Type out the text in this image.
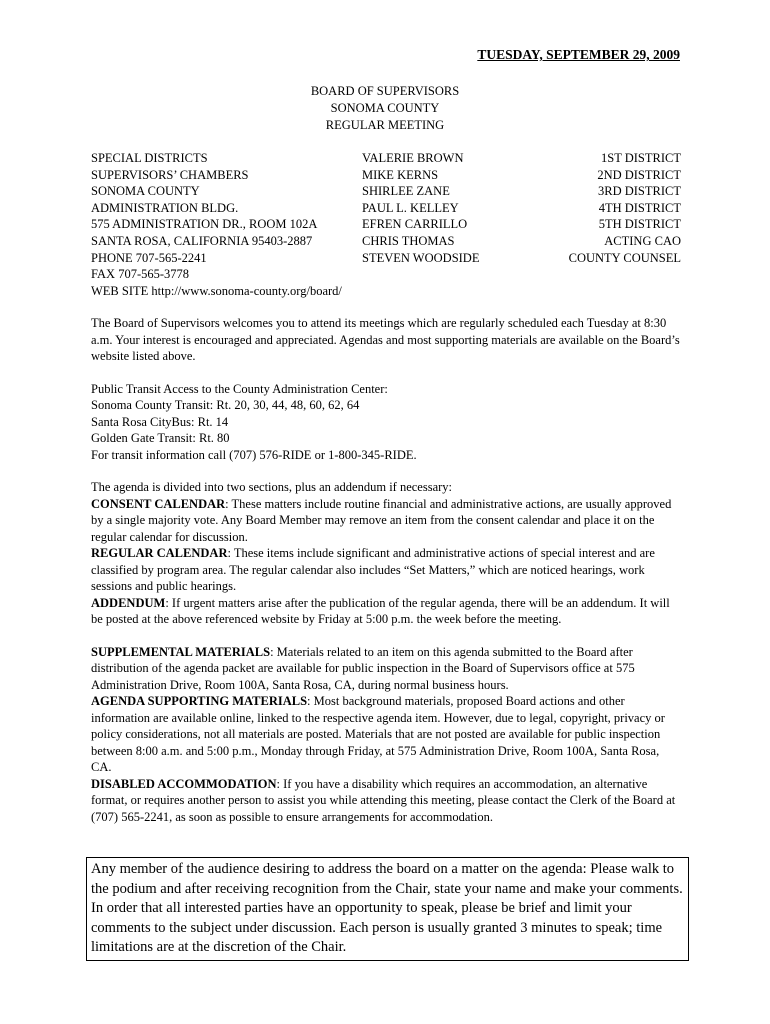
TUESDAY, SEPTEMBER 29, 2009
BOARD OF SUPERVISORS
SONOMA COUNTY
REGULAR MEETING
SPECIAL DISTRICTS	VALERIE BROWN	1ST DISTRICT
SUPERVISORS’ CHAMBERS	MIKE KERNS	2ND DISTRICT
SONOMA COUNTY	SHIRLEE ZANE	3RD DISTRICT
ADMINISTRATION BLDG.	PAUL L. KELLEY	4TH DISTRICT
575 ADMINISTRATION DR., ROOM 102A	EFREN CARRILLO	5TH DISTRICT
SANTA ROSA, CALIFORNIA 95403-2887	CHRIS THOMAS	ACTING CAO
PHONE 707-565-2241	STEVEN WOODSIDE	COUNTY COUNSEL
FAX 707-565-3778
WEB SITE http://www.sonoma-county.org/board/

The Board of Supervisors welcomes you to attend its meetings which are regularly scheduled each Tuesday at 8:30 a.m. Your interest is encouraged and appreciated. Agendas and most supporting materials are available on the Board’s website listed above.

Public Transit Access to the County Administration Center:
Sonoma County Transit: Rt. 20, 30, 44, 48, 60, 62, 64
Santa Rosa CityBus: Rt. 14
Golden Gate Transit: Rt. 80
For transit information call (707) 576-RIDE or 1-800-345-RIDE.
The agenda is divided into two sections, plus an addendum if necessary:
CONSENT CALENDAR: These matters include routine financial and administrative actions, are usually approved by a single majority vote. Any Board Member may remove an item from the consent calendar and place it on the regular calendar for discussion.
REGULAR CALENDAR: These items include significant and administrative actions of special interest and are classified by program area. The regular calendar also includes “Set Matters,” which are noticed hearings, work sessions and public hearings.
ADDENDUM: If urgent matters arise after the publication of the regular agenda, there will be an addendum. It will be posted at the above referenced website by Friday at 5:00 p.m. the week before the meeting.
SUPPLEMENTAL MATERIALS: Materials related to an item on this agenda submitted to the Board after distribution of the agenda packet are available for public inspection in the Board of Supervisors office at 575 Administration Drive, Room 100A, Santa Rosa, CA, during normal business hours.
AGENDA SUPPORTING MATERIALS: Most background materials, proposed Board actions and other information are available online, linked to the respective agenda item. However, due to legal, copyright, privacy or policy considerations, not all materials are posted. Materials that are not posted are available for public inspection between 8:00 a.m. and 5:00 p.m., Monday through Friday, at 575 Administration Drive, Room 100A, Santa Rosa, CA.
DISABLED ACCOMMODATION: If you have a disability which requires an accommodation, an alternative format, or requires another person to assist you while attending this meeting, please contact the Clerk of the Board at (707) 565-2241, as soon as possible to ensure arrangements for accommodation.
Any member of the audience desiring to address the board on a matter on the agenda: Please walk to the podium and after receiving recognition from the Chair, state your name and make your comments. In order that all interested parties have an opportunity to speak, please be brief and limit your comments to the subject under discussion. Each person is usually granted 3 minutes to speak; time limitations are at the discretion of the Chair.
